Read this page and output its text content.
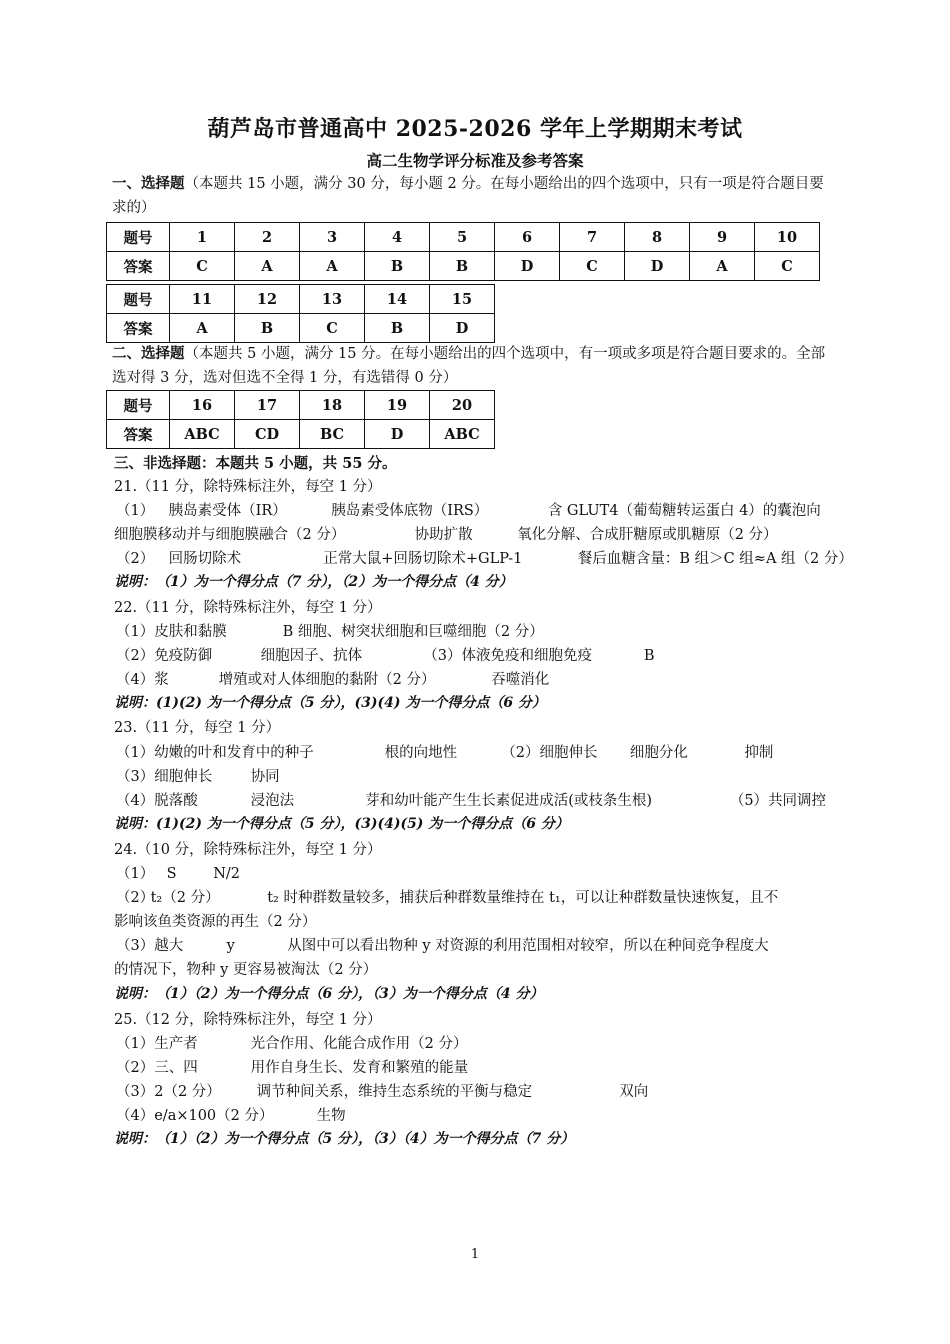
葫芦岛市普通高中 2025-2026 学年上学期期末考试
高二生物学评分标准及参考答案
一、选择题（本题共 15 小题，满分 30 分，每小题 2 分。在每小题给出的四个选项中，只有一项是符合题目要求的）
题号	1	2	3	4	5	6	7	8	9	10
答案	C	A	A	B	B	D	C	D	A	C
题号	11	12	13	14	15
答案	A	B	C	B	D
二、选择题（本题共 5 小题，满分 15 分。在每小题给出的四个选项中，有一项或多项是符合题目要求的。全部选对得 3 分，选对但选不全得 1 分，有选错得 0 分）
题号	16	17	18	19	20
答案	ABC	CD	BC	D	ABC
三、非选择题：本题共 5 小题，共 55 分。
21.（11 分，除特殊标注外，每空 1 分）
（1） 胰岛素受体（IR）	胰岛素受体底物（IRS）	含 GLUT4（葡萄糖转运蛋白 4）的囊泡向
细胞膜移动并与细胞膜融合（2 分）	协助扩散	氧化分解、合成肝糖原或肌糖原（2 分）
（2） 回肠切除术	正常大鼠+回肠切除术+GLP-1	餐后血糖含量：B 组＞C 组≈A 组（2 分）
说明：（1）为一个得分点（7 分），（2）为一个得分点（4 分）
22.（11 分，除特殊标注外，每空 1 分）
（1）皮肤和黏膜	B 细胞、树突状细胞和巨噬细胞（2 分）
（2）免疫防御	细胞因子、抗体	（3）体液免疫和细胞免疫	B
（4）浆	增殖或对人体细胞的黏附（2 分）	吞噬消化
说明：(1)(2) 为一个得分点（5 分），(3)(4) 为一个得分点（6 分）
23.（11 分，每空 1 分）
（1）幼嫩的叶和发育中的种子	根的向地性	（2）细胞伸长 细胞分化	抑制
（3）细胞伸长	协同
（4）脱落酸	浸泡法	芽和幼叶能产生生长素促进成活(或枝条生根)	（5）共同调控
说明：(1)(2) 为一个得分点（5 分），(3)(4)(5) 为一个得分点（6 分）
24.（10 分，除特殊标注外，每空 1 分）
（1） S	N/2
（2） t₂（2 分）	t₂ 时种群数量较多，捕获后种群数量维持在 t₁，可以让种群数量快速恢复，且不
影响该鱼类资源的再生（2 分）
（3）越大	y	从图中可以看出物种 y 对资源的利用范围相对较窄，所以在种间竞争程度大
的情况下，物种 y 更容易被淘汰（2 分）
说明：（1）（2）为一个得分点（6 分），（3）为一个得分点（4 分）
25.（12 分，除特殊标注外，每空 1 分）
（1）生产者	光合作用、化能合成作用（2 分）
（2）三、四	用作自身生长、发育和繁殖的能量
（3）2（2 分） 调节种间关系，维持生态系统的平衡与稳定	双向
（4）e/a×100（2 分）	生物
说明：（1）（2）为一个得分点（5 分），（3）（4）为一个得分点（7 分）
1
